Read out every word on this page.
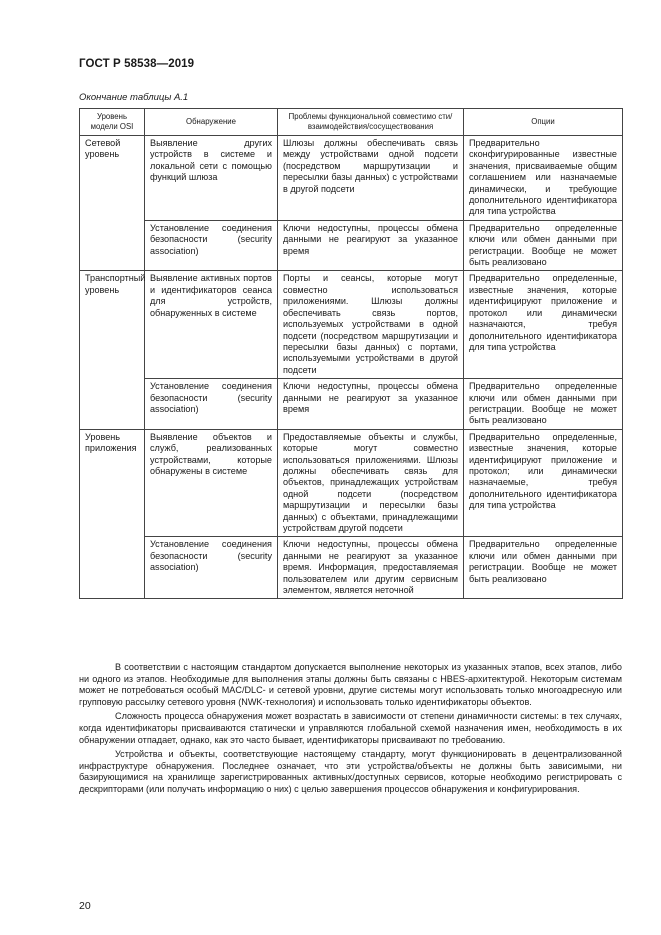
ГОСТ Р 58538—2019
Окончание таблицы А.1
Уровень модели OSI	Обнаружение	Проблемы функциональной совместимо сти/взаимодействия/сосуществования	Опции
Сетевой уровень	Выявление других устройств в системе и локальной сети с помощью функций шлюза	Шлюзы должны обеспечивать связь между устройствами одной подсети (посредством маршрутизации и пересылки базы данных) с устройствами в другой подсети	Предварительно сконфигурированные известные значения, присваиваемые общим соглашением или назначаемые динамически, и требующие дополнительного идентификатора для типа устройства
	Установление соединения безопасности (security association)	Ключи недоступны, процессы обмена данными не реагируют за указанное время	Предварительно определенные ключи или обмен данными при регистрации. Вообще не может быть реализовано
Транспортный уровень	Выявление активных портов и идентификаторов сеанса для устройств, обнаруженных в системе	Порты и сеансы, которые могут совместно использоваться приложениями. Шлюзы должны обеспечивать связь портов, используемых устройствами в одной подсети (посредством маршрутизации и пересылки базы данных) с портами, используемыми устройствами в другой подсети	Предварительно определенные, известные значения, которые идентифицируют приложение и протокол или динамически назначаются, требуя дополнительного идентификатора для типа устройства
	Установление соединения безопасности (security association)	Ключи недоступны, процессы обмена данными не реагируют за указанное время	Предварительно определенные ключи или обмен данными при регистрации. Вообще не может быть реализовано
Уровень приложения	Выявление объектов и служб, реализованных устройствами, которые обнаружены в системе	Предоставляемые объекты и службы, которые могут совместно использоваться приложениями. Шлюзы должны обеспечивать связь для объектов, принадлежащих устройствам одной подсети (посредством маршрутизации и пересылки базы данных) с объектами, принадлежащими устройствам другой подсети	Предварительно определенные, известные значения, которые идентифицируют приложение и протокол; или динамически назначаемые, требуя дополнительного идентификатора для типа устройства
	Установление соединения безопасности (security association)	Ключи недоступны, процессы обмена данными не реагируют за указанное время. Информация, предоставляемая пользователем или другим сервисным элементом, является неточной	Предварительно определенные ключи или обмен данными при регистрации. Вообще не может быть реализовано

В соответствии с настоящим стандартом допускается выполнение некоторых из указанных этапов, всех этапов, либо ни одного из этапов. Необходимые для выполнения этапы должны быть связаны с HBES-архитектурой. Некоторым системам может не потребоваться особый MAC/DLC- и сетевой уровни, другие системы могут использовать только многоадресную или групповую рассылку сетевого уровня (NWK-технология) и использовать только идентификаторы объектов.

Сложность процесса обнаружения может возрастать в зависимости от степени динамичности системы: в тех случаях, когда идентификаторы присваиваются статически и управляются глобальной схемой назначения имен, необходимость в их обнаружении отпадает, однако, как это часто бывает, идентификаторы присваивают по требованию.

Устройства и объекты, соответствующие настоящему стандарту, могут функционировать в децентрализованной инфраструктуре обнаружения. Последнее означает, что эти устройства/объекты не должны быть зависимыми, ни базирующимися на хранилище зарегистрированных активных/доступных сервисов, которые необходимо регистрировать с дескрипторами (или получать информацию о них) с целью завершения процессов обнаружения и конфигурирования.

20
